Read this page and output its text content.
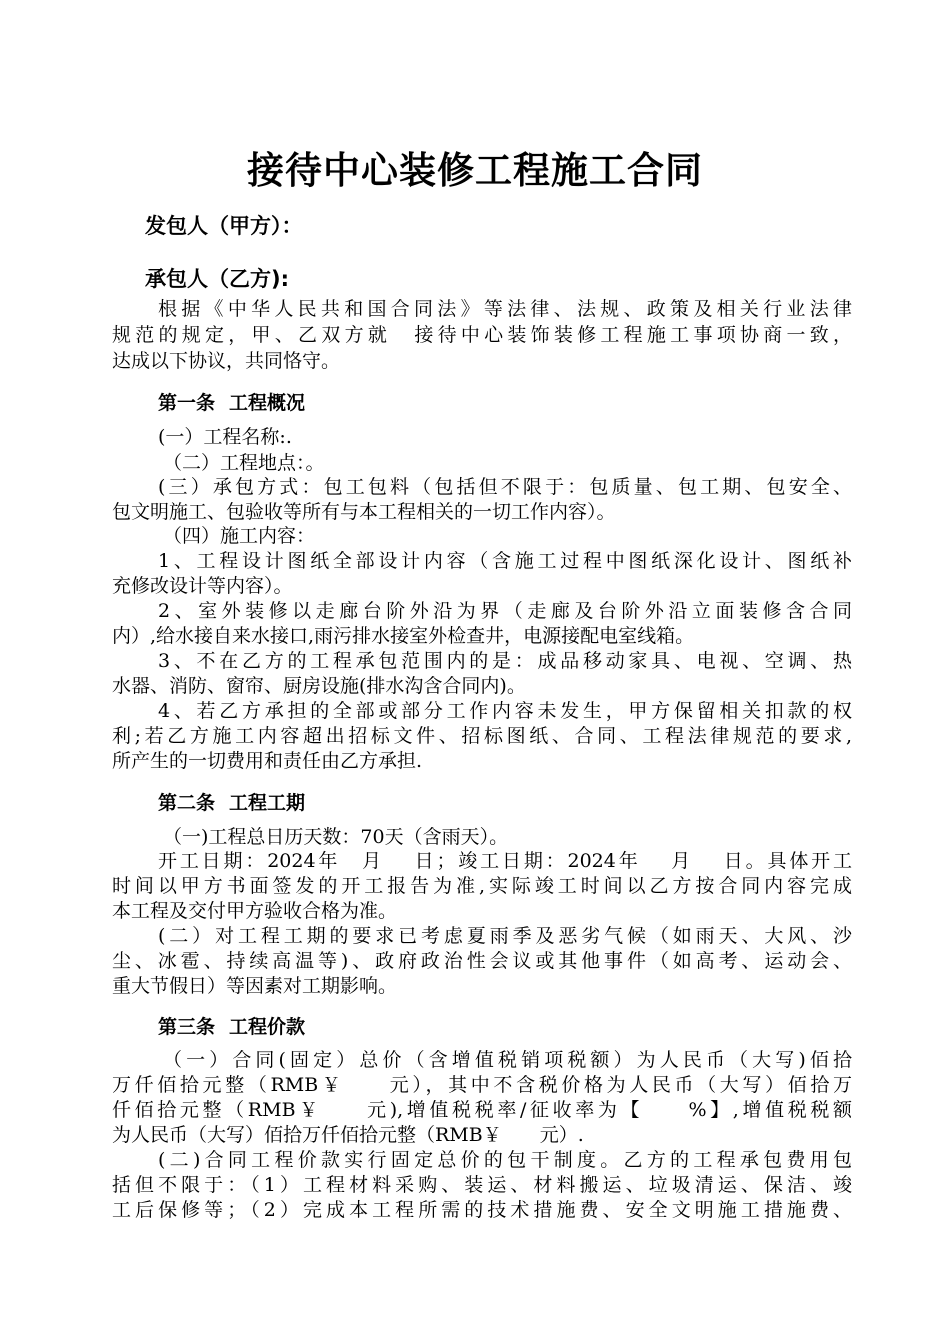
接待中心装修工程施工合同
发包人（甲方）：
承包人（乙方):
根据《中华人民共和国合同法》等法律、法规、政策及相关行业法律
规范的规定，甲、乙双方就　接待中心装饰装修工程施工事项协商一致，
达成以下协议，共同恪守。
第一条 工程概况
(一）工程名称:.
（二）工程地点：。
(三）承包方式：包工包料（包括但不限于：包质量、包工期、包安全、
包文明施工、包验收等所有与本工程相关的一切工作内容）。
（四）施工内容：
1、工程设计图纸全部设计内容（含施工过程中图纸深化设计、图纸补
充修改设计等内容）。
2、室外装修以走廊台阶外沿为界（走廊及台阶外沿立面装修含合同
内）,给水接自来水接口,雨污排水接室外检查井，电源接配电室线箱。
3、不在乙方的工程承包范围内的是：成品移动家具、电视、空调、热
水器、消防、窗帘、厨房设施(排水沟含合同内)。
4、若乙方承担的全部或部分工作内容未发生，甲方保留相关扣款的权
利;若乙方施工内容超出招标文件、招标图纸、合同、工程法律规范的要求,
所产生的一切费用和责任由乙方承担.
第二条 工程工期
（一)工程总日历天数：70天（含雨天）。
开工日期：2024年　月　 日；竣工日期：2024年　 月　 日。具体开工
时间以甲方书面签发的开工报告为准,实际竣工时间以乙方按合同内容完成
本工程及交付甲方验收合格为准。
(二）对工程工期的要求已考虑夏雨季及恶劣气候（如雨天、大风、沙
尘、冰雹、持续高温等)、政府政治性会议或其他事件（如高考、运动会、
重大节假日）等因素对工期影响。
第三条 工程价款
（一）合同(固定）总价（含增值税销项税额）为人民币（大写)佰拾
万仟佰拾元整（RMB￥　　元），其中不含税价格为人民币（大写）佰拾万
仟佰拾元整（RMB￥　　元),增值税税率/征收率为【　　%】,增值税税额
为人民币（大写）佰拾万仟佰拾元整（RMB￥　　元）.
(二)合同工程价款实行固定总价的包干制度。乙方的工程承包费用包
括但不限于：（1）工程材料采购、装运、材料搬运、垃圾清运、保洁、竣
工后保修等；（2）完成本工程所需的技术措施费、安全文明施工措施费、
